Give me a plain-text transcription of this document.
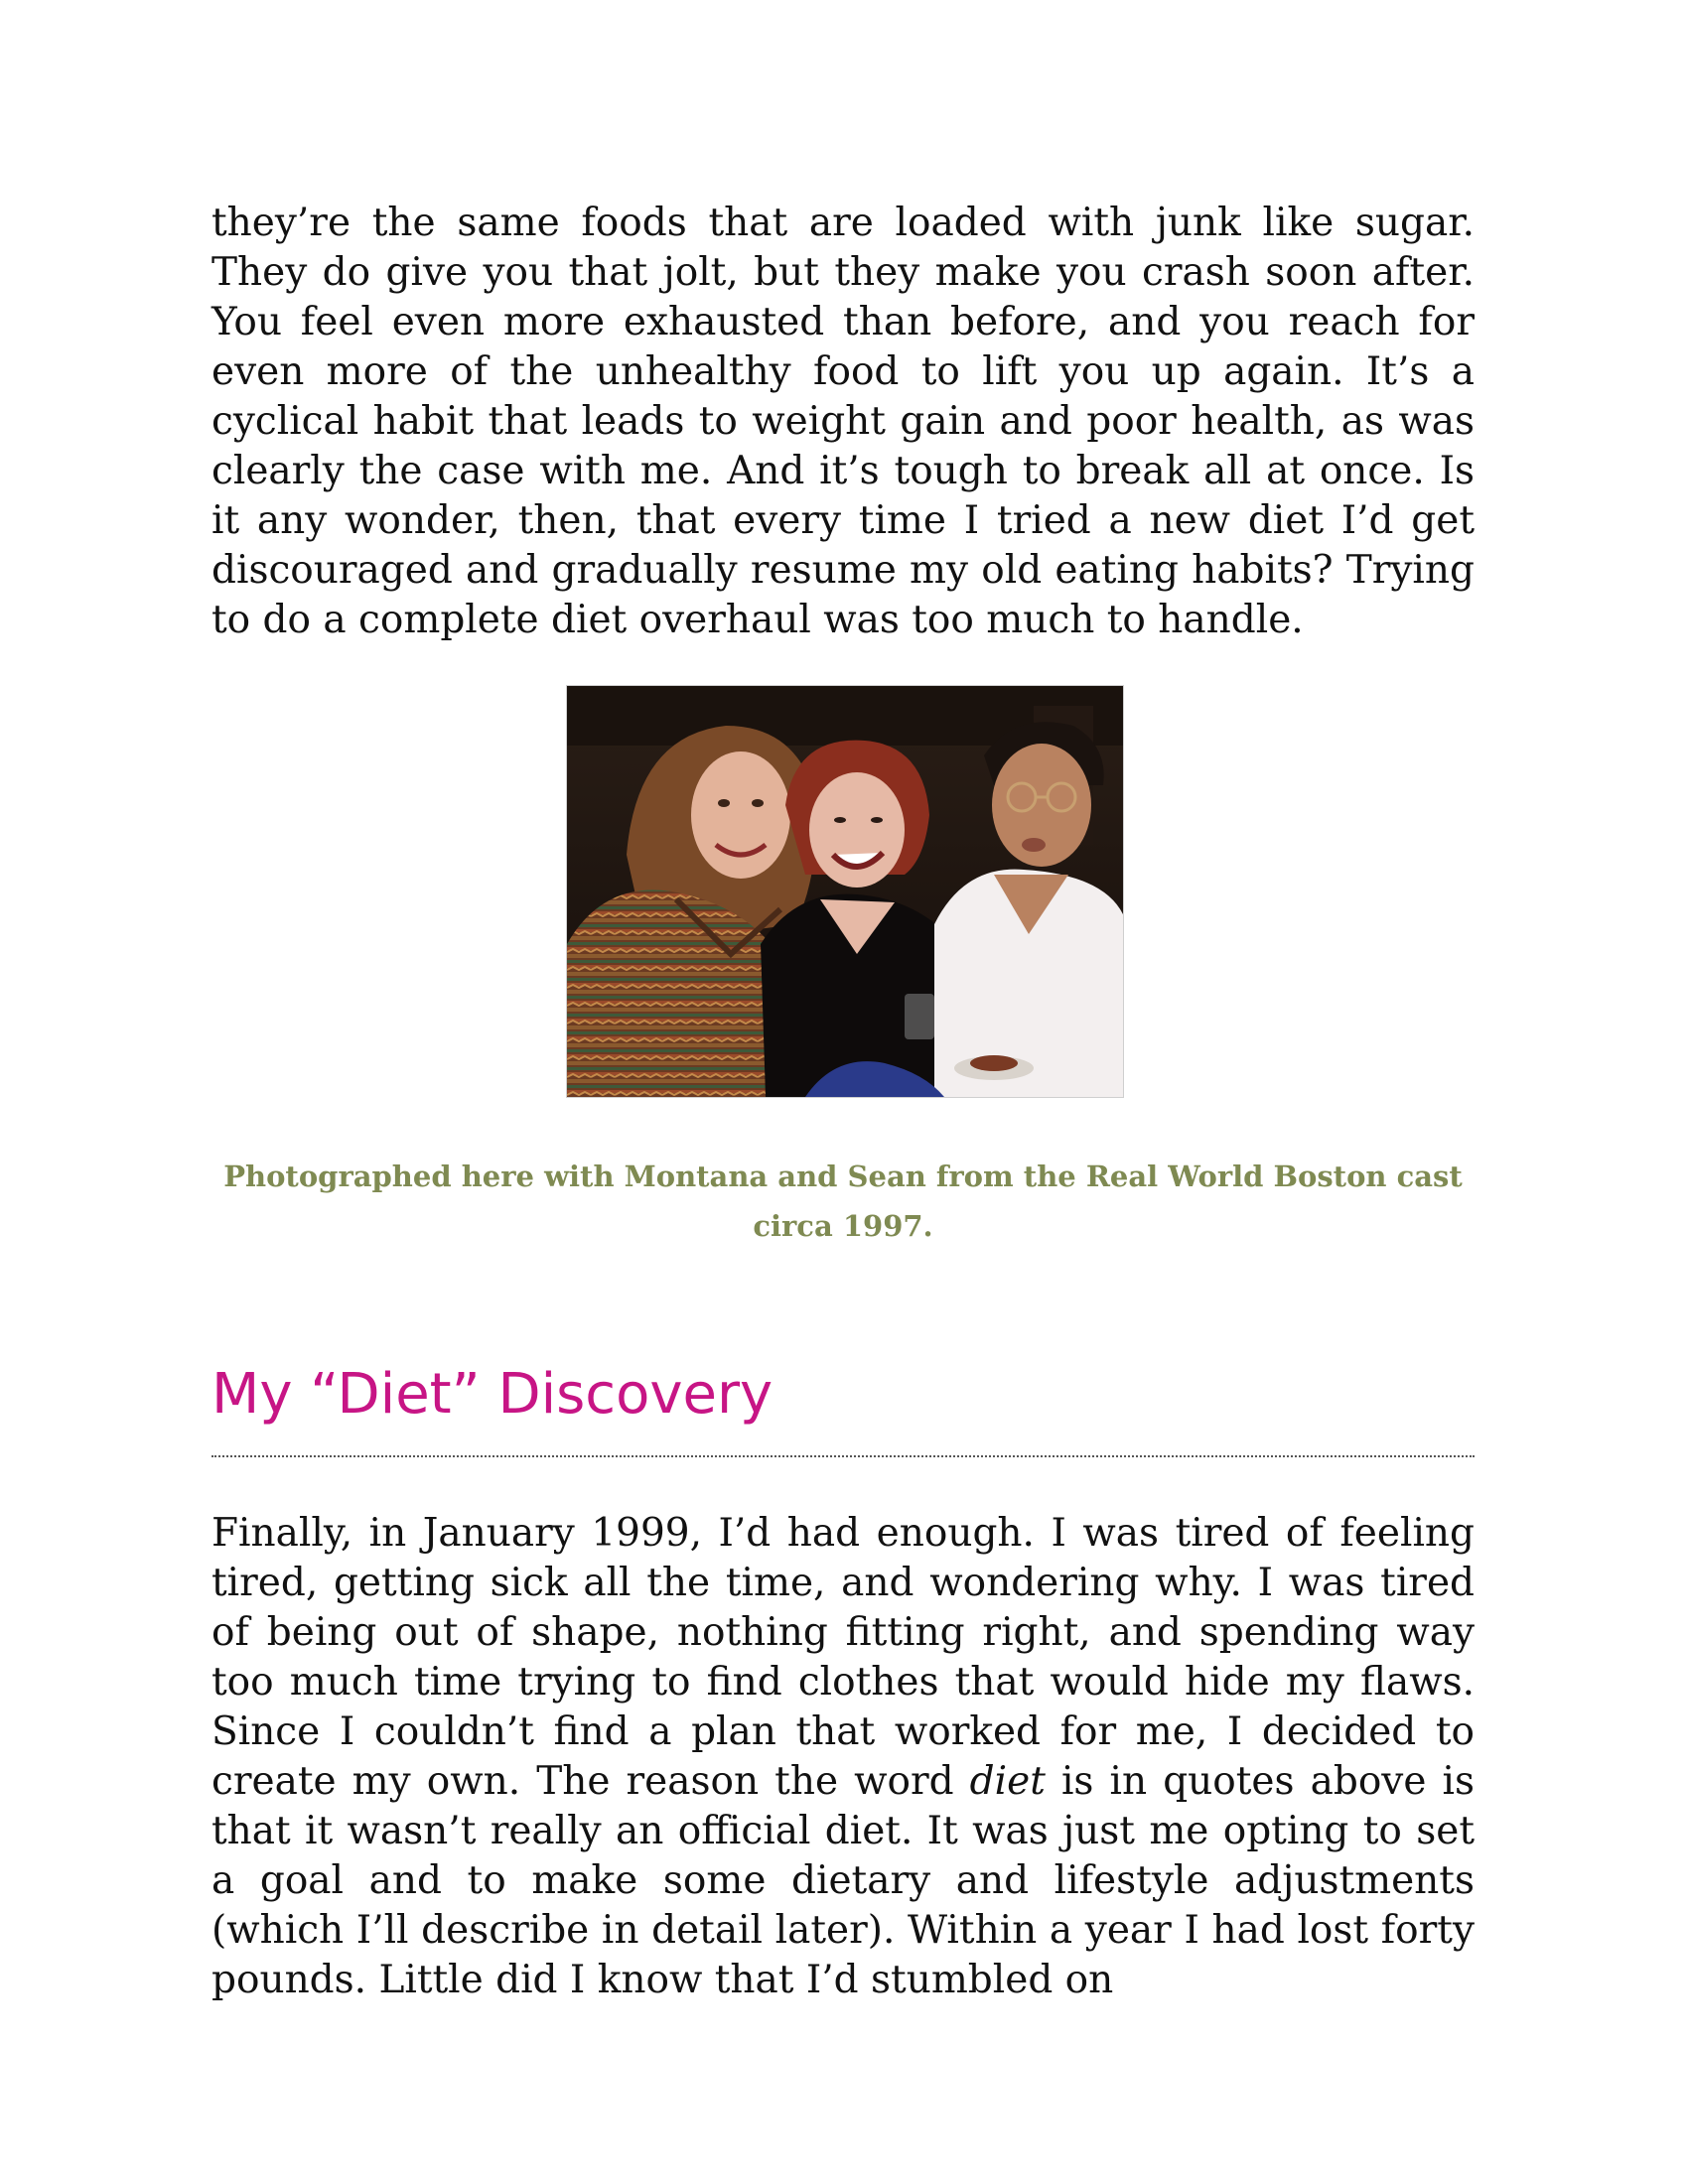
they’re the same foods that are loaded with junk like sugar. They do give you that jolt, but they make you crash soon after. You feel even more exhausted than before, and you reach for even more of the unhealthy food to lift you up again. It’s a cyclical habit that leads to weight gain and poor health, as was clearly the case with me. And it’s tough to break all at once. Is it any wonder, then, that every time I tried a new diet I’d get discouraged and gradually resume my old eating habits? Trying to do a complete diet overhaul was too much to handle.

Photographed here with Montana and Sean from the Real World Boston cast circa 1997.

My “Diet” Discovery

Finally, in January 1999, I’d had enough. I was tired of feeling tired, getting sick all the time, and wondering why. I was tired of being out of shape, nothing fitting right, and spending way too much time trying to find clothes that would hide my flaws. Since I couldn’t find a plan that worked for me, I decided to create my own. The reason the word diet is in quotes above is that it wasn’t really an official diet. It was just me opting to set a goal and to make some dietary and lifestyle adjustments (which I’ll describe in detail later). Within a year I had lost forty pounds. Little did I know that I’d stumbled on
